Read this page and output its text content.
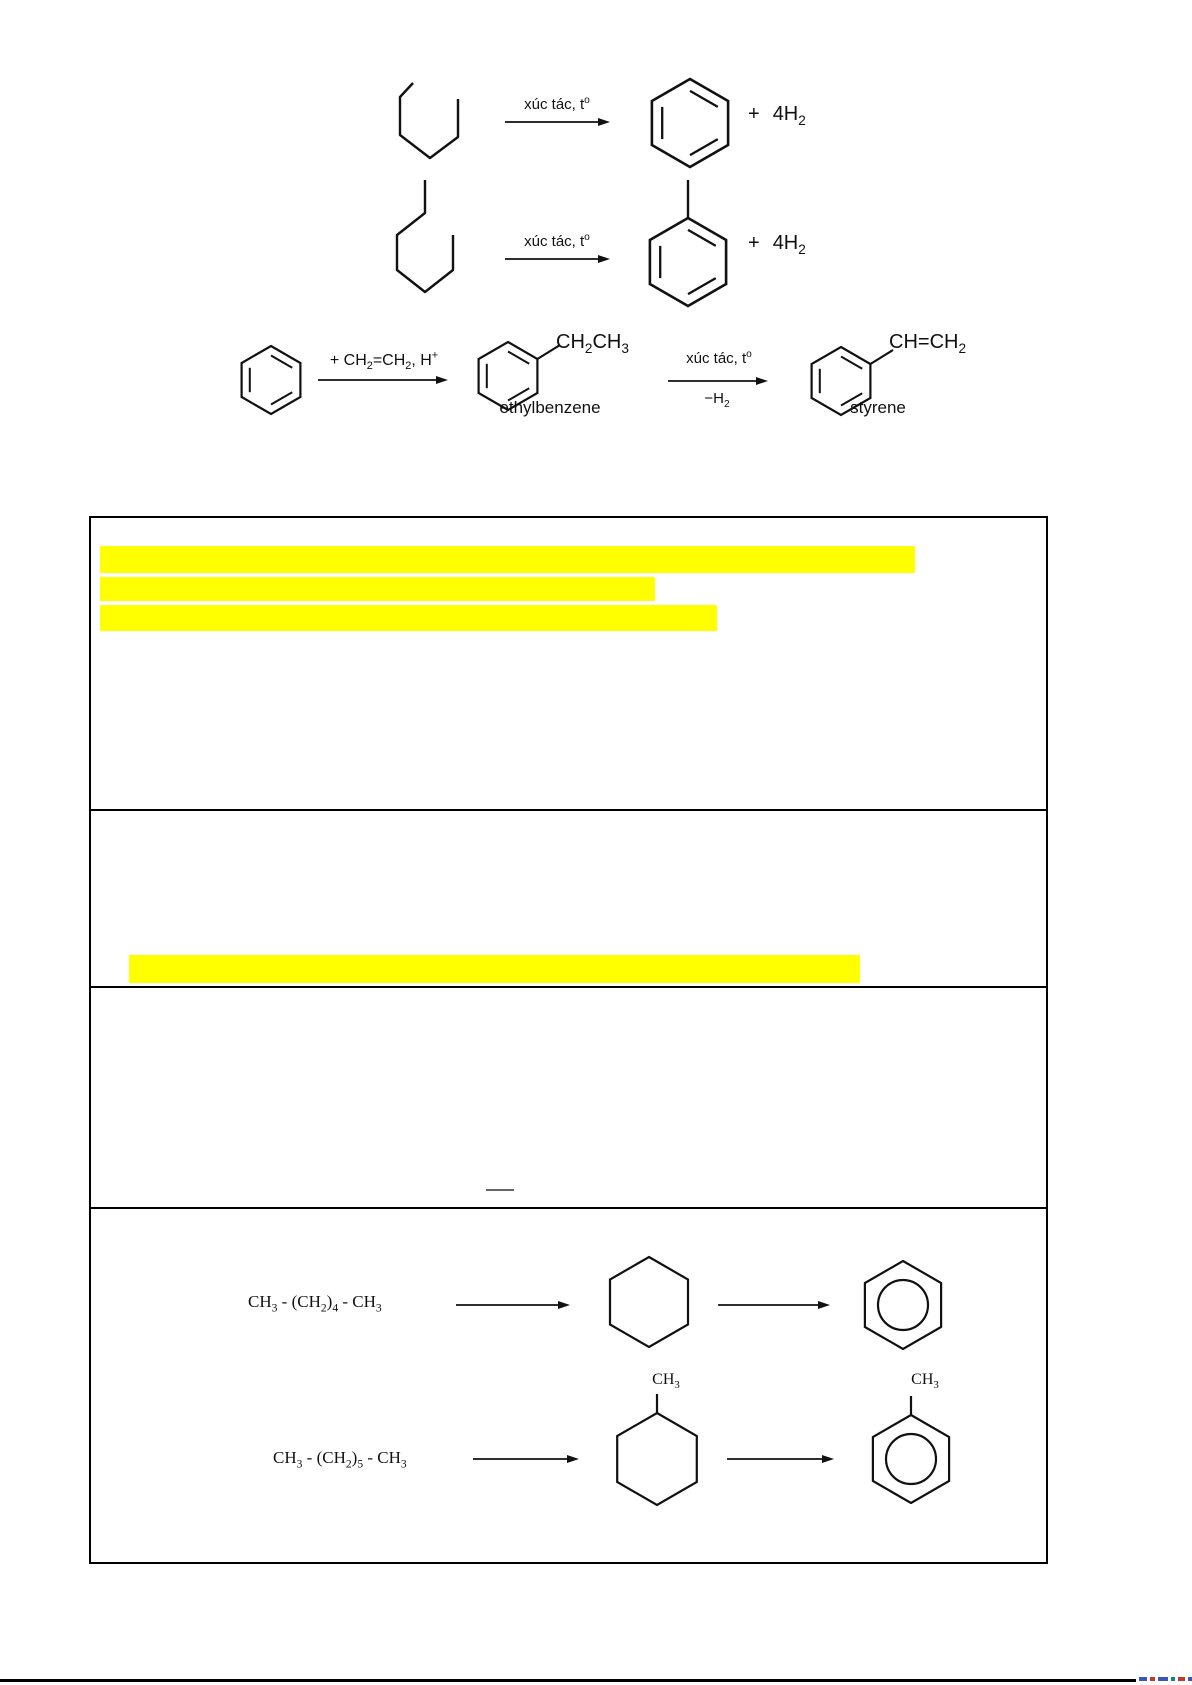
xúc tác, $t^o$
+ $4H_2$
xúc tác, $t^o$	+ $4H_2$
+ $CH_2=CH_2$, H+
$CH_2CH_3$
ethylbenzene
xúc tác, $t^o$
$-H_2$
$CH=CH_2$
styrene
$CH_3 - (CH_2)_4 - CH_3$
$CH_3 - (CH_2)_5 - CH_3$
$CH_3$	$CH_3$
